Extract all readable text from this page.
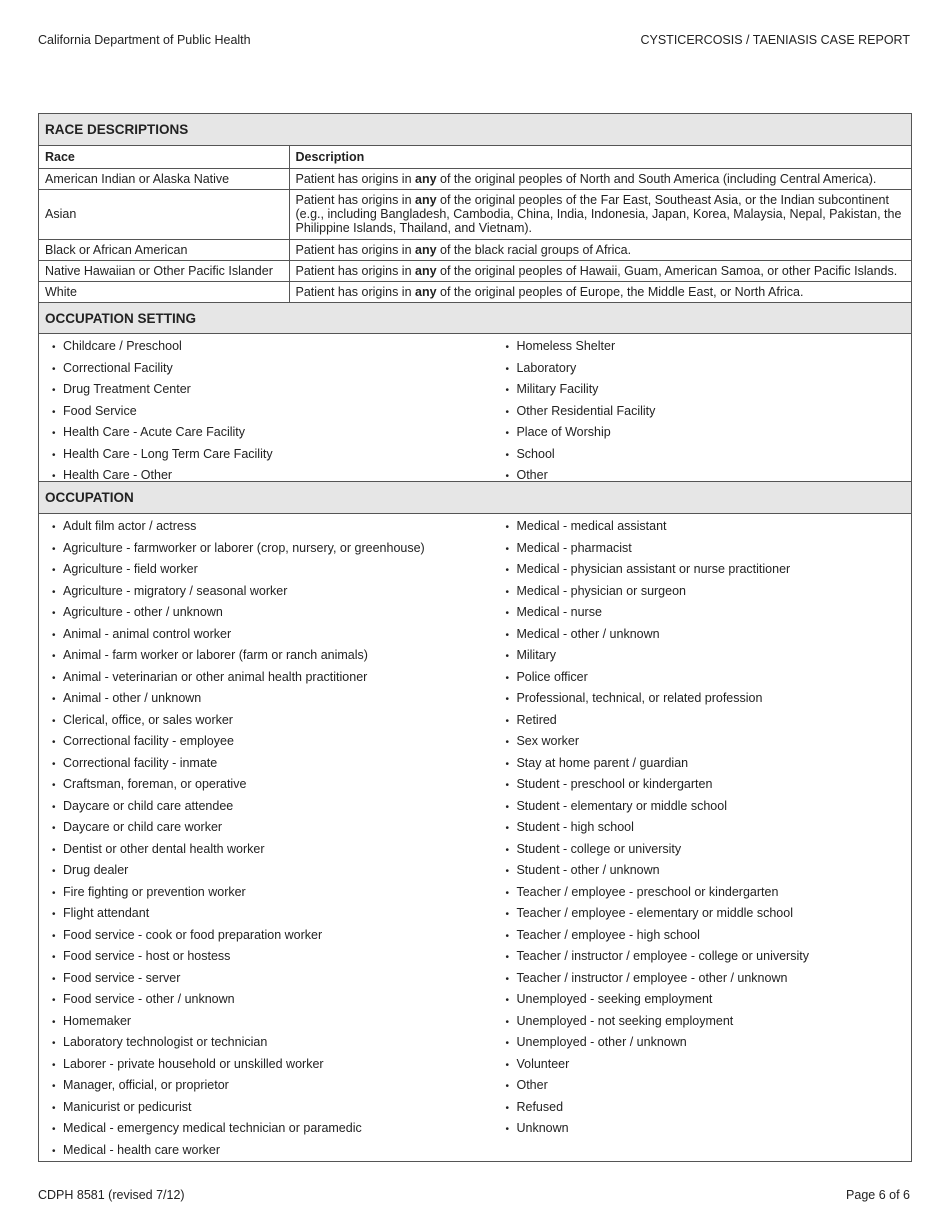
California Department of Public Health	CYSTICERCOSIS / TAENIASIS CASE REPORT
RACE DESCRIPTIONS
Race	Description
American Indian or Alaska Native	Patient has origins in any of the original peoples of North and South America (including Central America).
Asian	Patient has origins in any of the original peoples of the Far East, Southeast Asia, or the Indian subcontinent (e.g., including Bangladesh, Cambodia, China, India, Indonesia, Japan, Korea, Malaysia, Nepal, Pakistan, the Philippine Islands, Thailand, and Vietnam).
Black or African American	Patient has origins in any of the black racial groups of Africa.
Native Hawaiian or Other Pacific Islander	Patient has origins in any of the original peoples of Hawaii, Guam, American Samoa, or other Pacific Islands.
White	Patient has origins in any of the original peoples of Europe, the Middle East, or North Africa.
OCCUPATION SETTING
• Childcare / Preschool
• Correctional Facility
• Drug Treatment Center
• Food Service
• Health Care - Acute Care Facility
• Health Care - Long Term Care Facility
• Health Care - Other
• Homeless Shelter
• Laboratory
• Military Facility
• Other Residential Facility
• Place of Worship
• School
• Other
OCCUPATION
• Adult film actor / actress
• Agriculture - farmworker or laborer (crop, nursery, or greenhouse)
• Agriculture - field worker
• Agriculture - migratory / seasonal worker
• Agriculture - other / unknown
• Animal - animal control worker
• Animal - farm worker or laborer (farm or ranch animals)
• Animal - veterinarian or other animal health practitioner
• Animal - other / unknown
• Clerical, office, or sales worker
• Correctional facility - employee
• Correctional facility - inmate
• Craftsman, foreman, or operative
• Daycare or child care attendee
• Daycare or child care worker
• Dentist or other dental health worker
• Drug dealer
• Fire fighting or prevention worker
• Flight attendant
• Food service - cook or food preparation worker
• Food service - host or hostess
• Food service - server
• Food service - other / unknown
• Homemaker
• Laboratory technologist or technician
• Laborer - private household or unskilled worker
• Manager, official, or proprietor
• Manicurist or pedicurist
• Medical - emergency medical technician or paramedic
• Medical - health care worker
• Medical - medical assistant
• Medical - pharmacist
• Medical - physician assistant or nurse practitioner
• Medical - physician or surgeon
• Medical - nurse
• Medical - other / unknown
• Military
• Police officer
• Professional, technical, or related profession
• Retired
• Sex worker
• Stay at home parent / guardian
• Student - preschool or kindergarten
• Student - elementary or middle school
• Student - high school
• Student - college or university
• Student - other / unknown
• Teacher / employee - preschool or kindergarten
• Teacher / employee - elementary or middle school
• Teacher / employee - high school
• Teacher / instructor / employee - college or university
• Teacher / instructor / employee - other / unknown
• Unemployed - seeking employment
• Unemployed - not seeking employment
• Unemployed - other / unknown
• Volunteer
• Other
• Refused
• Unknown
CDPH 8581 (revised 7/12)	Page 6 of 6
